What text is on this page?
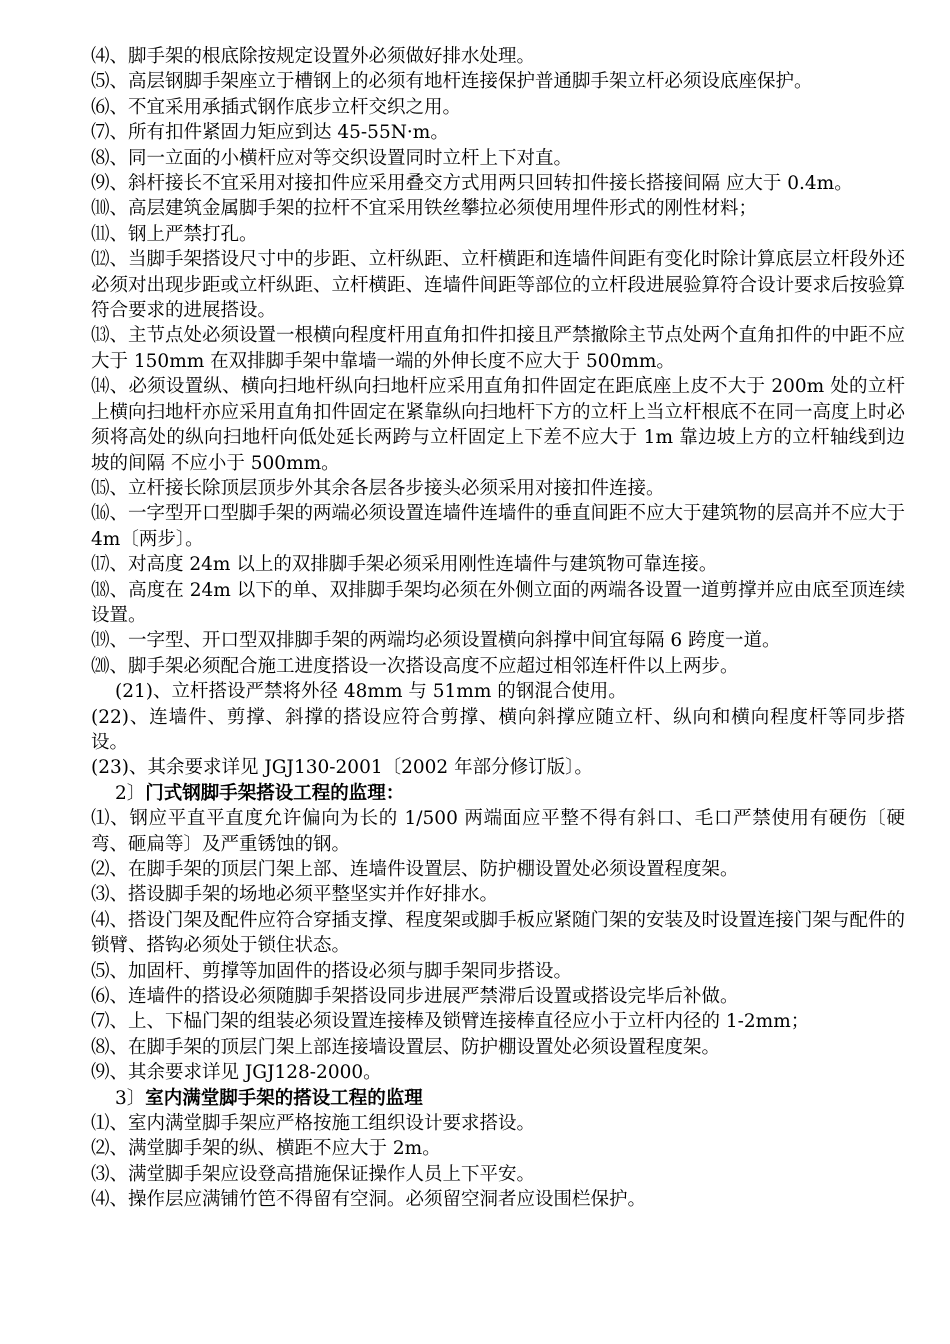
⑷、脚手架的根底除按规定设置外必须做好排水处理。

⑸、高层钢脚手架座立于槽钢上的必须有地杆连接保护普通脚手架立杆必须设底座保护。

⑹、不宜采用承插式钢作底步立杆交织之用。

⑺、所有扣件紧固力矩应到达 45-55N·m。

⑻、同一立面的小横杆应对等交织设置同时立杆上下对直。

⑼、斜杆接长不宜采用对接扣件应采用叠交方式用两只回转扣件接长搭接间隔 应大于 0.4m。

⑽、高层建筑金属脚手架的拉杆不宜采用铁丝攀拉必须使用埋件形式的刚性材料；

⑾、钢上严禁打孔。

⑿、当脚手架搭设尺寸中的步距、立杆纵距、立杆横距和连墙件间距有变化时除计算底层立杆段外还必须对出现步距或立杆纵距、立杆横距、连墙件间距等部位的立杆段进展验算符合设计要求后按验算符合要求的进展搭设。

⒀、主节点处必须设置一根横向程度杆用直角扣件扣接且严禁撤除主节点处两个直角扣件的中距不应大于 150mm 在双排脚手架中靠墙一端的外伸长度不应大于 500mm。

⒁、必须设置纵、横向扫地杆纵向扫地杆应采用直角扣件固定在距底座上皮不大于 200m 处的立杆上横向扫地杆亦应采用直角扣件固定在紧靠纵向扫地杆下方的立杆上当立杆根底不在同一高度上时必须将高处的纵向扫地杆向低处延长两跨与立杆固定上下差不应大于 1m 靠边坡上方的立杆轴线到边坡的间隔 不应小于 500mm。

⒂、立杆接长除顶层顶步外其余各层各步接头必须采用对接扣件连接。

⒃、一字型开口型脚手架的两端必须设置连墙件连墙件的垂直间距不应大于建筑物的层高并不应大于 4m〔两步〕。

⒄、对高度 24m 以上的双排脚手架必须采用刚性连墙件与建筑物可靠连接。

⒅、高度在 24m 以下的单、双排脚手架均必须在外侧立面的两端各设置一道剪撑并应由底至顶连续设置。

⒆、一字型、开口型双排脚手架的两端均必须设置横向斜撑中间宜每隔 6 跨度一道。

⒇、脚手架必须配合施工进度搭设一次搭设高度不应超过相邻连杆件以上两步。

(21)、立杆搭设严禁将外径 48mm 与 51mm 的钢混合使用。

(22)、连墙件、剪撑、斜撑的搭设应符合剪撑、横向斜撑应随立杆、纵向和横向程度杆等同步搭设。

(23)、其余要求详见 JGJ130-2001〔2002 年部分修订版〕。

2〕门式钢脚手架搭设工程的监理：

⑴、钢应平直平直度允许偏向为长的 1/500 两端面应平整不得有斜口、毛口严禁使用有硬伤〔硬弯、砸扁等〕及严重锈蚀的钢。

⑵、在脚手架的顶层门架上部、连墙件设置层、防护棚设置处必须设置程度架。

⑶、搭设脚手架的场地必须平整坚实并作好排水。

⑷、搭设门架及配件应符合穿插支撑、程度架或脚手板应紧随门架的安装及时设置连接门架与配件的锁臂、搭钩必须处于锁住状态。

⑸、加固杆、剪撑等加固件的搭设必须与脚手架同步搭设。

⑹、连墙件的搭设必须随脚手架搭设同步进展严禁滞后设置或搭设完毕后补做。

⑺、上、下榀门架的组装必须设置连接棒及锁臂连接棒直径应小于立杆内径的 1-2mm；

⑻、在脚手架的顶层门架上部连接墙设置层、防护棚设置处必须设置程度架。

⑼、其余要求详见 JGJ128-2000。

3〕室内满堂脚手架的搭设工程的监理

⑴、室内满堂脚手架应严格按施工组织设计要求搭设。

⑵、满堂脚手架的纵、横距不应大于 2m。

⑶、满堂脚手架应设登高措施保证操作人员上下平安。

⑷、操作层应满铺竹笆不得留有空洞。必须留空洞者应设围栏保护。
